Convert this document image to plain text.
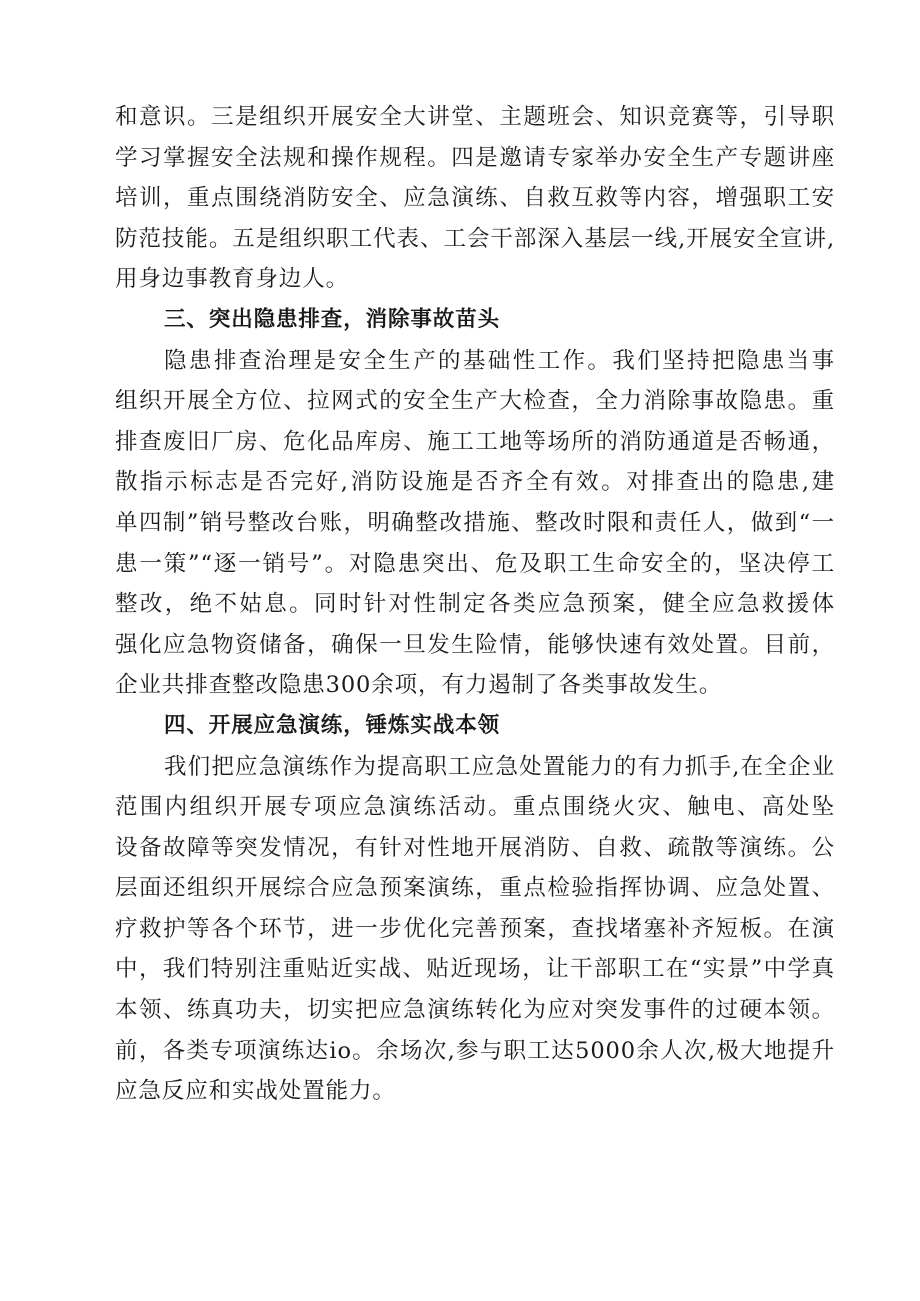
和意识。三是组织开展安全大讲堂、主题班会、知识竞赛等，引导职
学习掌握安全法规和操作规程。四是邀请专家举办安全生产专题讲座
培训，重点围绕消防安全、应急演练、自救互救等内容，增强职工安
防范技能。五是组织职工代表、工会干部深入基层一线,开展安全宣讲,
用身边事教育身边人。
三、突出隐患排查，消除事故苗头
隐患排查治理是安全生产的基础性工作。我们坚持把隐患当事
组织开展全方位、拉网式的安全生产大检查，全力消除事故隐患。重
排查废旧厂房、危化品库房、施工工地等场所的消防通道是否畅通，
散指示标志是否完好,消防设施是否齐全有效。对排查出的隐患,建
单四制”销号整改台账，明确整改措施、整改时限和责任人，做到“一
患一策”“逐一销号”。对隐患突出、危及职工生命安全的，坚决停工
整改，绝不姑息。同时针对性制定各类应急预案，健全应急救援体
强化应急物资储备，确保一旦发生险情，能够快速有效处置。目前，
企业共排查整改隐患300余项，有力遏制了各类事故发生。
四、开展应急演练，锤炼实战本领
我们把应急演练作为提高职工应急处置能力的有力抓手,在全企业
范围内组织开展专项应急演练活动。重点围绕火灾、触电、高处坠
设备故障等突发情况，有针对性地开展消防、自救、疏散等演练。公
层面还组织开展综合应急预案演练，重点检验指挥协调、应急处置、
疗救护等各个环节，进一步优化完善预案，查找堵塞补齐短板。在演
中，我们特别注重贴近实战、贴近现场，让干部职工在“实景”中学真
本领、练真功夫，切实把应急演练转化为应对突发事件的过硬本领。
前，各类专项演练达io。余场次,参与职工达5000余人次,极大地提升
应急反应和实战处置能力。
